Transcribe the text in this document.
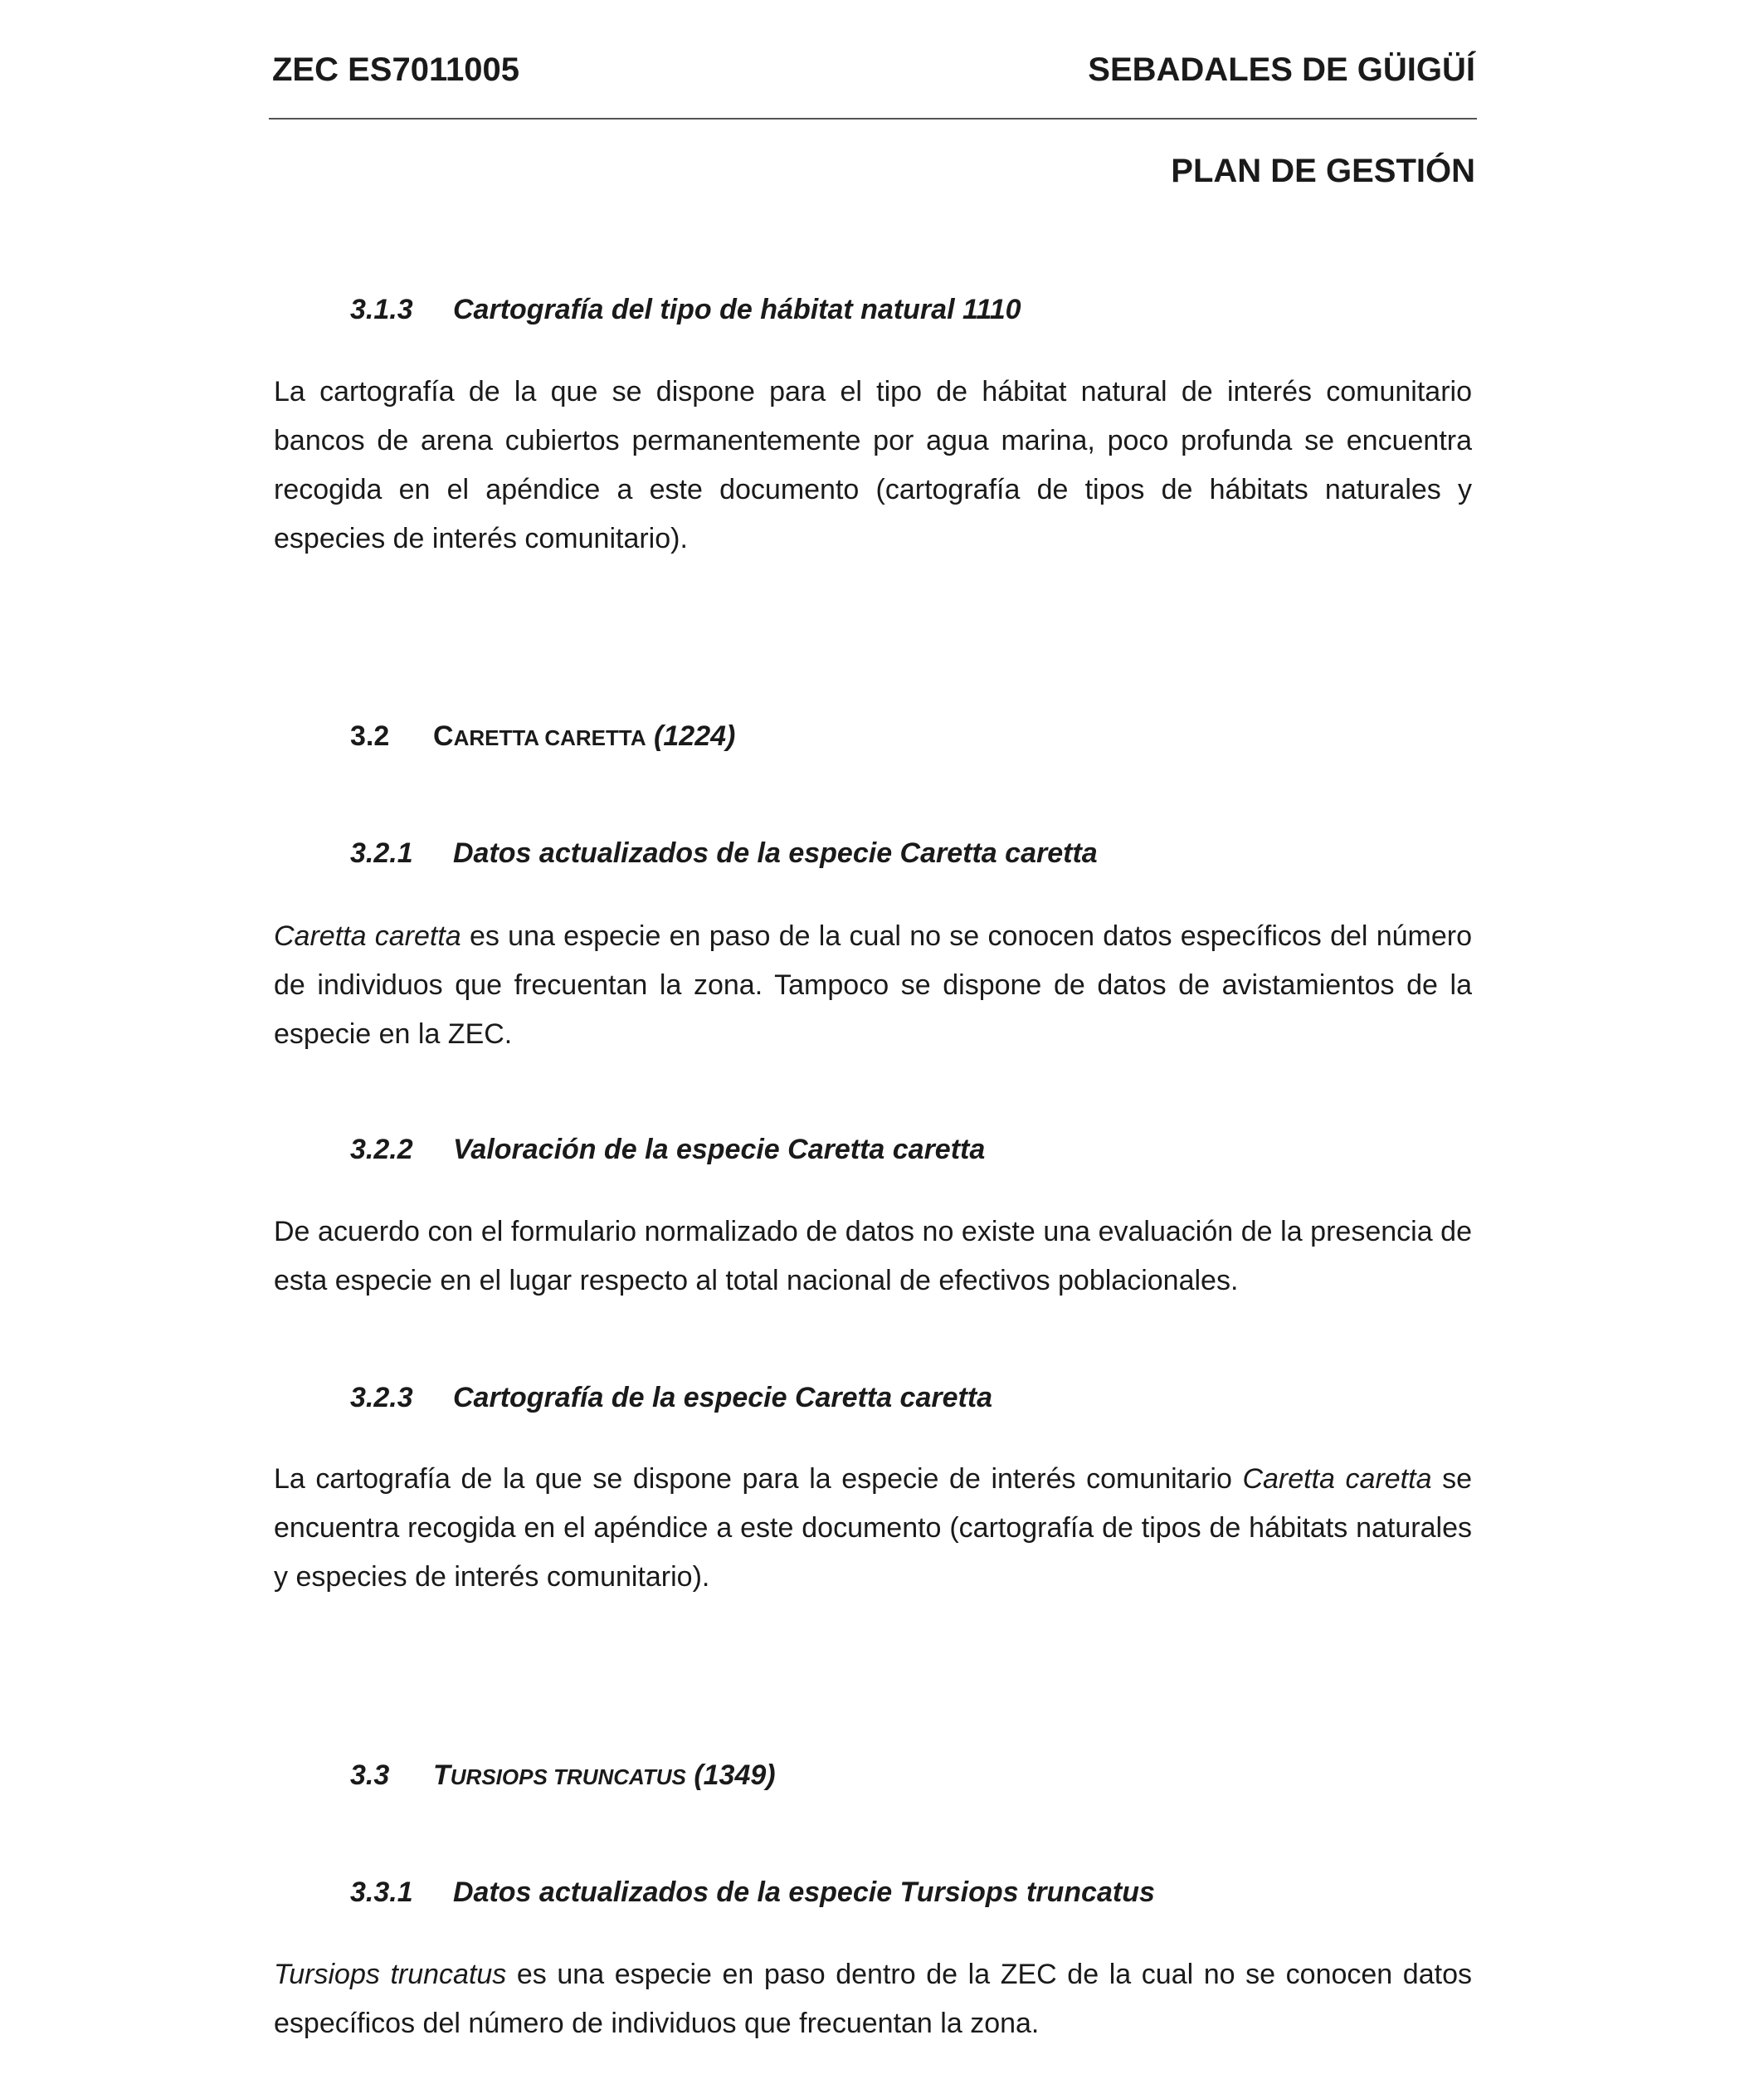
ZEC ES7011005	SEBADALES DE GÜIGÜÍ
PLAN DE GESTIÓN
3.1.3 Cartografía del tipo de hábitat natural 1110

La cartografía de la que se dispone para el tipo de hábitat natural de interés comunitario bancos de arena cubiertos permanentemente por agua marina, poco profunda se encuentra recogida en el apéndice a este documento (cartografía de tipos de hábitats naturales y especies de interés comunitario).

3.2 CARETTA CARETTA (1224)
3.2.1 Datos actualizados de la especie Caretta caretta

Caretta caretta es una especie en paso de la cual no se conocen datos específicos del número de individuos que frecuentan la zona. Tampoco se dispone de datos de avistamientos de la especie en la ZEC.

3.2.2 Valoración de la especie Caretta caretta

De acuerdo con el formulario normalizado de datos no existe una evaluación de la presencia de esta especie en el lugar respecto al total nacional de efectivos poblacionales.

3.2.3 Cartografía de la especie Caretta caretta

La cartografía de la que se dispone para la especie de interés comunitario Caretta caretta se encuentra recogida en el apéndice a este documento (cartografía de tipos de hábitats naturales y especies de interés comunitario).

3.3 TURSIOPS TRUNCATUS (1349)
3.3.1 Datos actualizados de la especie Tursiops truncatus

Tursiops truncatus es una especie en paso dentro de la ZEC de la cual no se conocen datos específicos del número de individuos que frecuentan la zona.
